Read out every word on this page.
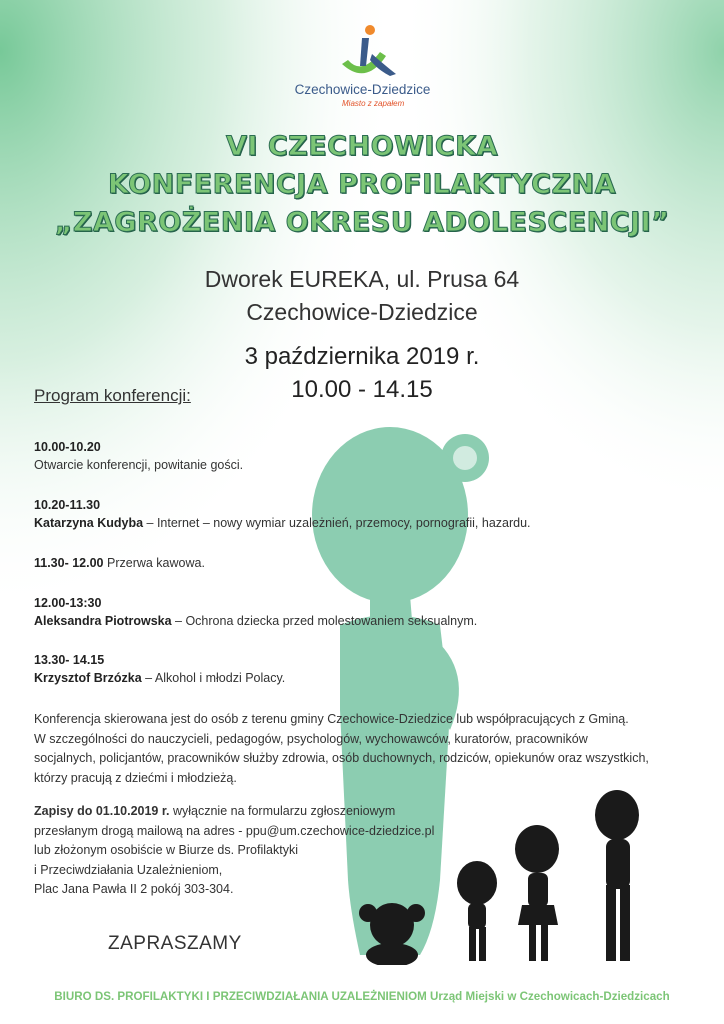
Czechowice-Dziedzice
Miasto z zapałem
VI CZECHOWICKA
KONFERENCJA PROFILAKTYCZNA
„ZAGROŻENIA OKRESU ADOLESCENCJI”
Dworek EUREKA, ul. Prusa 64
Czechowice-Dziedzice
3 października 2019 r.
10.00 - 14.15
Program konferencji:
10.00-10.20
Otwarcie konferencji, powitanie gości.
10.20-11.30
Katarzyna Kudyba – Internet – nowy wymiar uzależnień, przemocy, pornografii, hazardu.
11.30- 12.00 Przerwa kawowa.
12.00-13:30
Aleksandra Piotrowska – Ochrona dziecka przed molestowaniem seksualnym.
13.30- 14.15
Krzysztof Brzózka – Alkohol i młodzi Polacy.
Konferencja skierowana jest do osób z terenu gminy Czechowice-Dziedzice lub współpracujących z Gminą.
W szczególności do nauczycieli, pedagogów, psychologów, wychowawców, kuratorów, pracowników
socjalnych, policjantów, pracowników służby zdrowia, osób duchownych, rodziców, opiekunów oraz wszystkich,
którzy pracują z dziećmi i młodzieżą.
Zapisy do 01.10.2019 r. wyłącznie na formularzu zgłoszeniowym
przesłanym drogą mailową na adres - ppu@um.czechowice-dziedzice.pl
lub złożonym osobiście w Biurze ds. Profilaktyki
i Przeciwdziałania Uzależnieniom,
Plac Jana Pawła II 2 pokój 303-304.
ZAPRASZAMY
BIURO DS. PROFILAKTYKI I PRZECIWDZIAŁANIA UZALEŻNIENIOM Urząd Miejski w Czechowicach-Dziedzicach
